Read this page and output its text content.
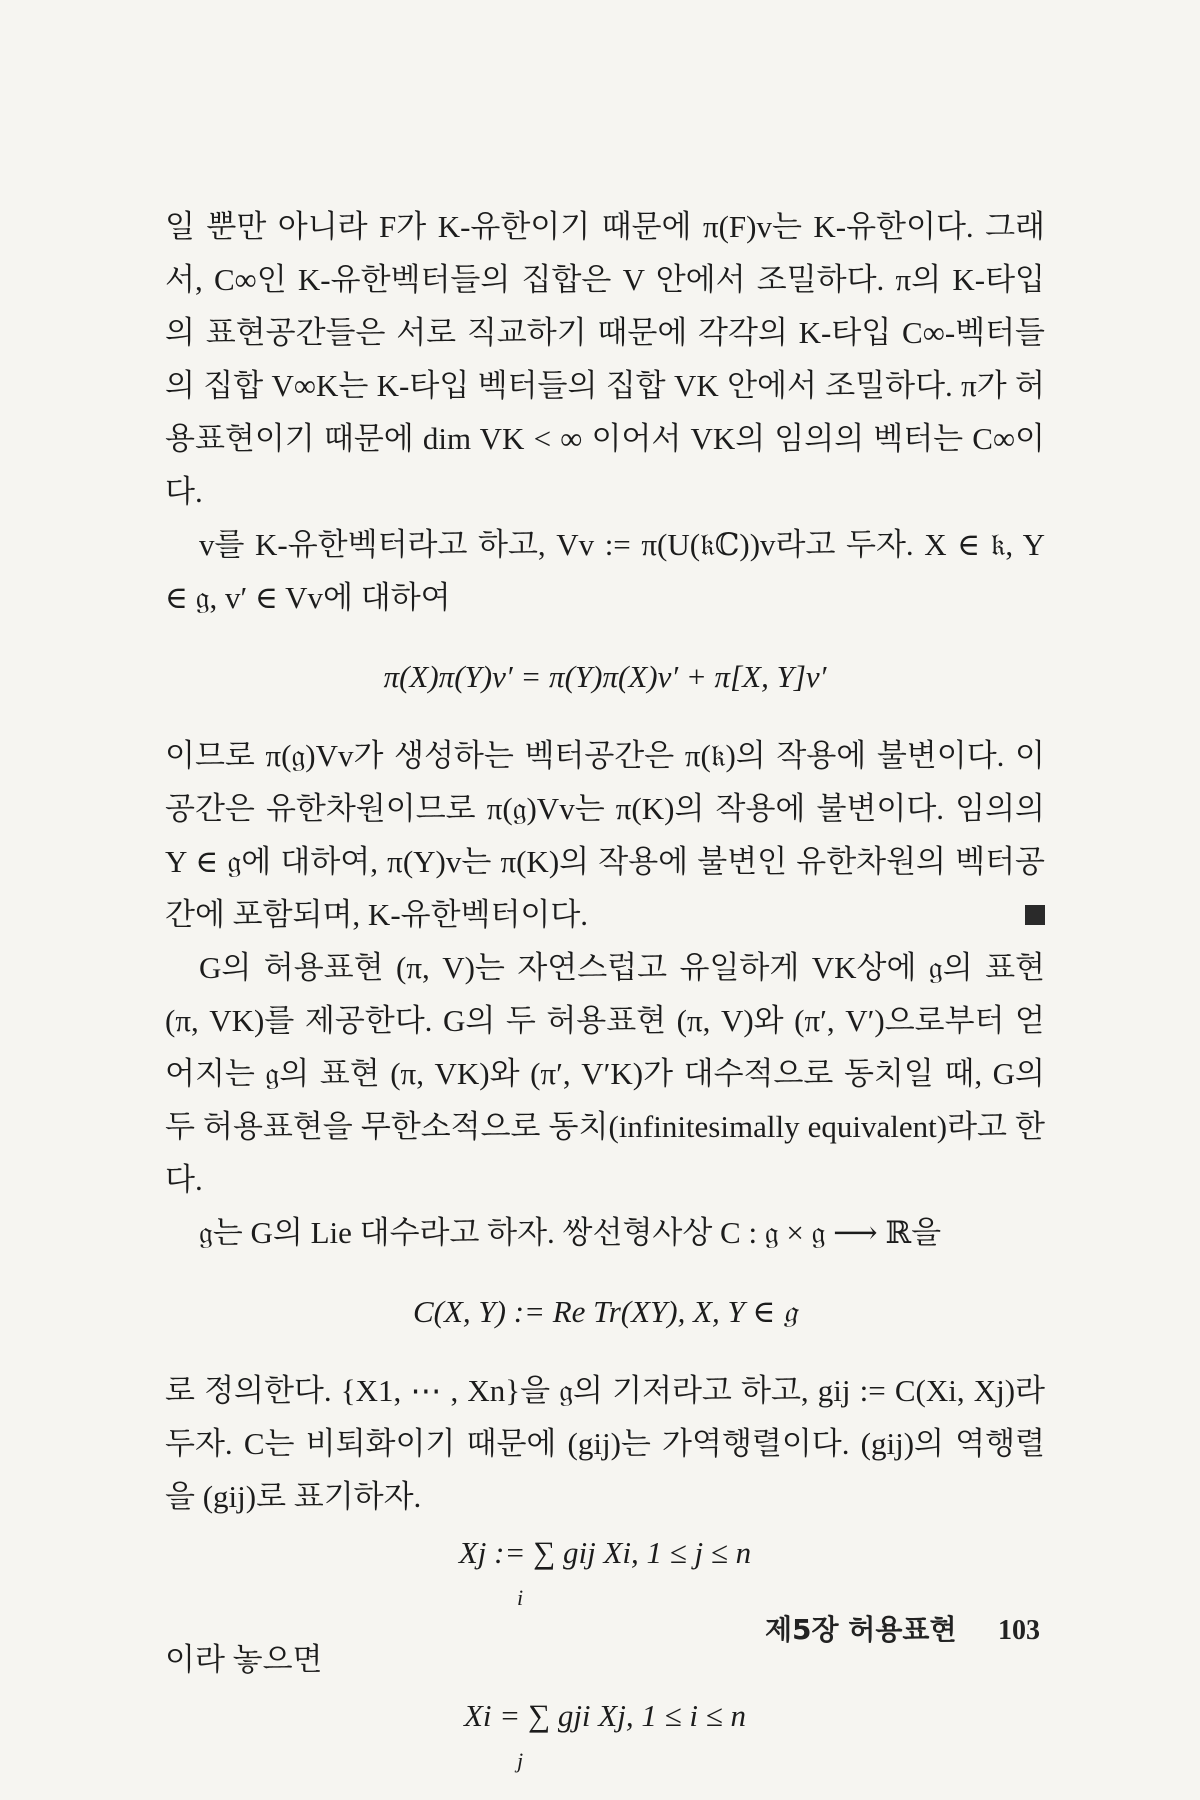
일 뿐만 아니라 F가 K-유한이기 때문에 π(F)v는 K-유한이다. 그래서, C∞인 K-유한벡터들의 집합은 V 안에서 조밀하다. π의 K-타입의 표현공간들은 서로 직교하기 때문에 각각의 K-타입 C∞-벡터들의 집합 V∞K는 K-타입 벡터들의 집합 VK 안에서 조밀하다. π가 허용표현이기 때문에 dim VK < ∞ 이어서 VK의 임의의 벡터는 C∞이다.

v를 K-유한벡터라고 하고, Vv := π(U(𝔨ℂ))v라고 두자. X ∈ 𝔨, Y ∈ 𝔤, v′ ∈ Vv에 대하여

π(X)π(Y)v′ = π(Y)π(X)v′ + π[X, Y]v′

이므로 π(𝔤)Vv가 생성하는 벡터공간은 π(𝔨)의 작용에 불변이다. 이 공간은 유한차원이므로 π(𝔤)Vv는 π(K)의 작용에 불변이다. 임의의 Y ∈ 𝔤에 대하여, π(Y)v는 π(K)의 작용에 불변인 유한차원의 벡터공간에 포함되며, K-유한벡터이다.

G의 허용표현 (π, V)는 자연스럽고 유일하게 VK상에 𝔤의 표현 (π, VK)를 제공한다. G의 두 허용표현 (π, V)와 (π′, V′)으로부터 얻어지는 𝔤의 표현 (π, VK)와 (π′, V′K)가 대수적으로 동치일 때, G의 두 허용표현을 무한소적으로 동치(infinitesimally equivalent)라고 한다.

𝔤는 G의 Lie 대수라고 하자. 쌍선형사상 C : 𝔤 × 𝔤 ⟶ ℝ을

C(X, Y) := Re Tr(XY), X, Y ∈ 𝔤

로 정의한다. {X1, ⋯ , Xn}을 𝔤의 기저라고 하고, gij := C(Xi, Xj)라 두자. C는 비퇴화이기 때문에 (gij)는 가역행렬이다. (gij)의 역행렬을 (gij)로 표기하자.

Xj := ∑ gij Xi, 1 ≤ j ≤ n
i

이라 놓으면

Xi = ∑ gji Xj, 1 ≤ i ≤ n
j
제5장 허용표현 103
